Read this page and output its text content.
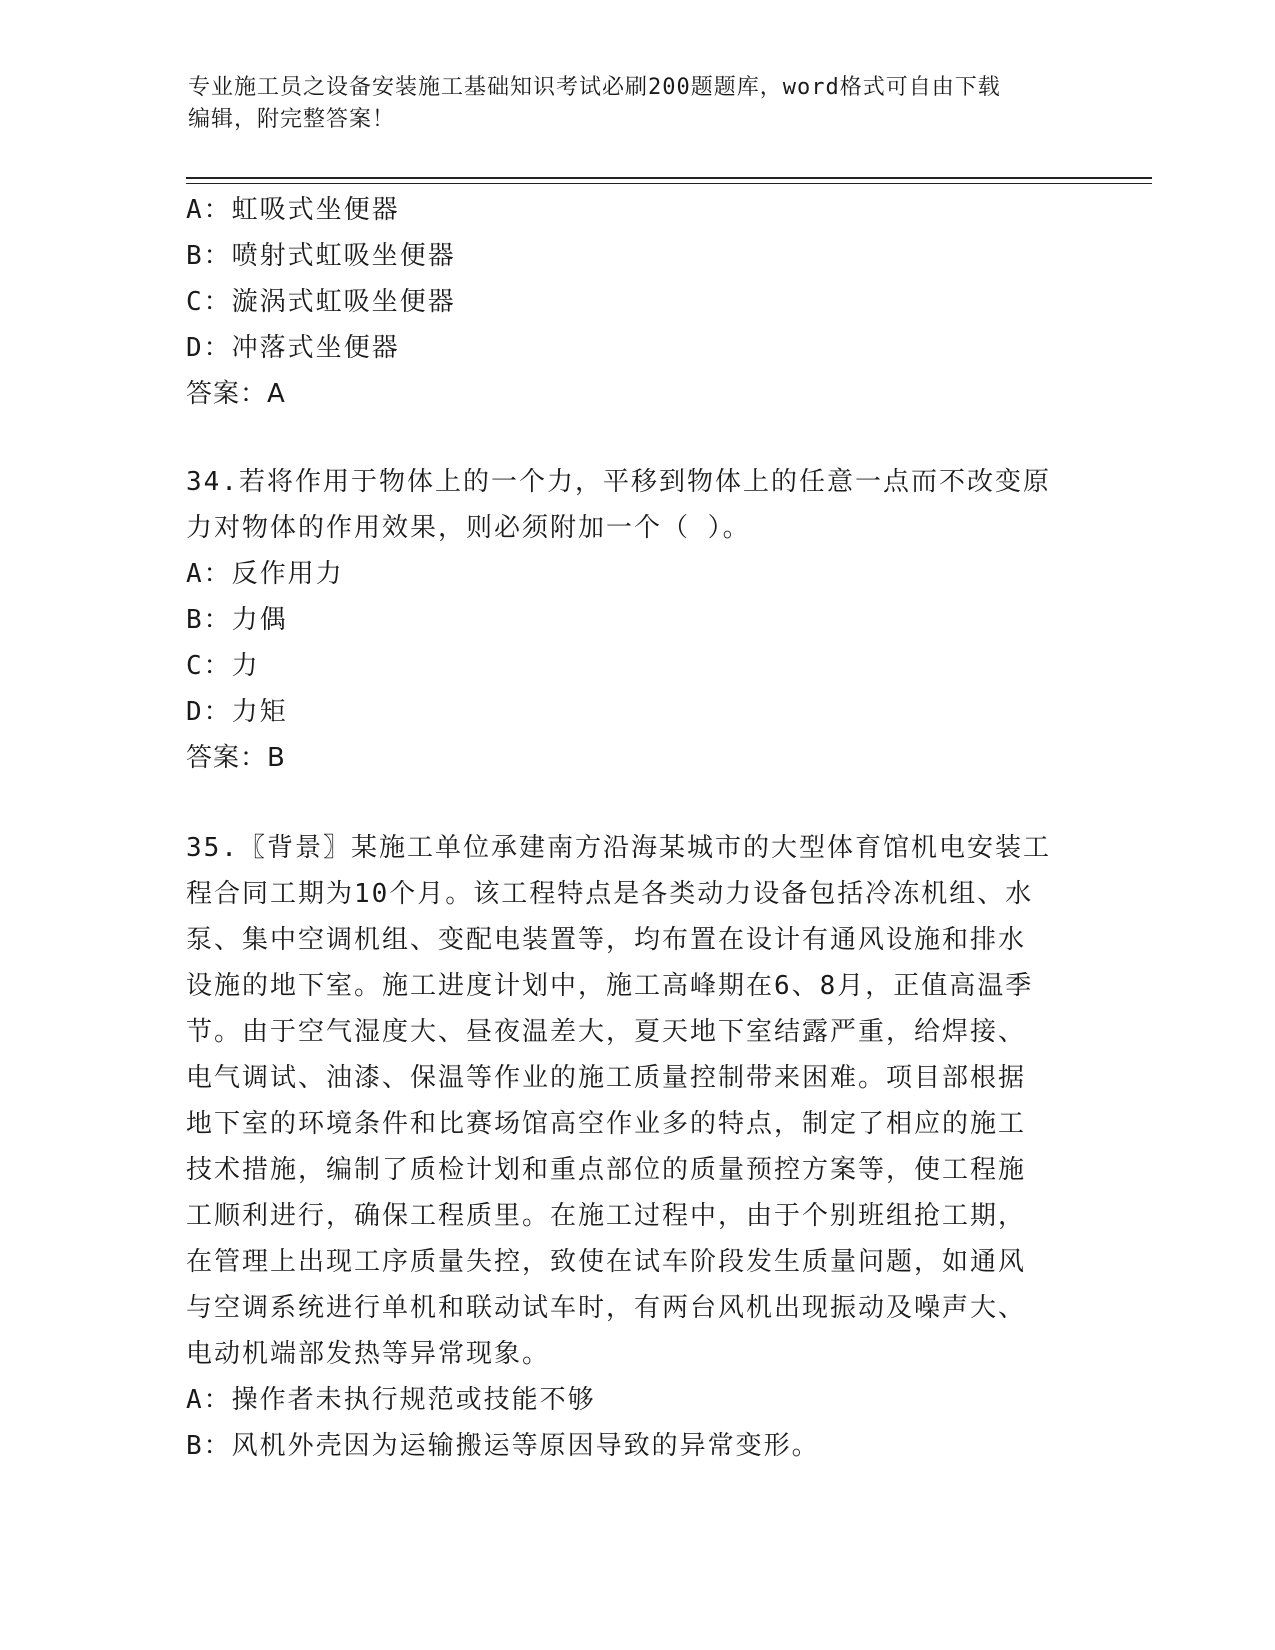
专业施工员之设备安装施工基础知识考试必刷200题题库，word格式可自由下载
编辑，附完整答案！
A：虹吸式坐便器
B：喷射式虹吸坐便器
C：漩涡式虹吸坐便器
D：冲落式坐便器
答案：A
34.若将作用于物体上的一个力，平移到物体上的任意一点而不改变原
力对物体的作用效果，则必须附加一个（ ）。
A：反作用力
B：力偶
C：力
D：力矩
答案：B
35.〖背景〗某施工单位承建南方沿海某城市的大型体育馆机电安装工
程合同工期为10个月。该工程特点是各类动力设备包括冷冻机组、水
泵、集中空调机组、变配电装置等，均布置在设计有通风设施和排水
设施的地下室。施工进度计划中，施工高峰期在6、8月，正值高温季
节。由于空气湿度大、昼夜温差大，夏天地下室结露严重，给焊接、
电气调试、油漆、保温等作业的施工质量控制带来困难。项目部根据
地下室的环境条件和比赛场馆高空作业多的特点，制定了相应的施工
技术措施，编制了质检计划和重点部位的质量预控方案等，使工程施
工顺利进行，确保工程质里。在施工过程中，由于个别班组抢工期，
在管理上出现工序质量失控，致使在试车阶段发生质量问题，如通风
与空调系统进行单机和联动试车时，有两台风机出现振动及噪声大、
电动机端部发热等异常现象。
A：操作者未执行规范或技能不够
B：风机外壳因为运输搬运等原因导致的异常变形。
